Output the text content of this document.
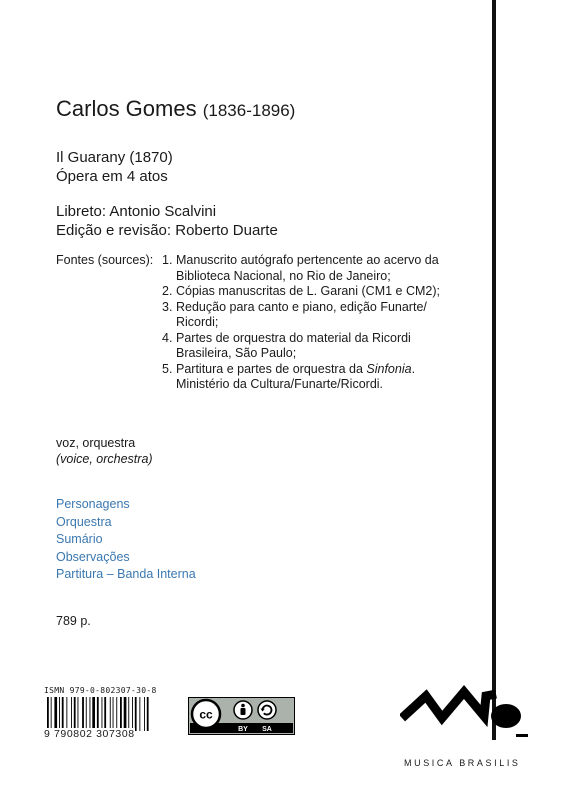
Carlos Gomes (1836-1896)
Il Guarany (1870)
Ópera em 4 atos
Libreto: Antonio Scalvini
Edição e revisão: Roberto Duarte
Fontes (sources): 1. Manuscrito autógrafo pertencente ao acervo da
Biblioteca Nacional, no Rio de Janeiro;
2. Cópias manuscritas de L. Garani (CM1 e CM2);
3. Redução para canto e piano, edição Funarte/
Ricordi;
4. Partes de orquestra do material da Ricordi
Brasileira, São Paulo;
5. Partitura e partes de orquestra da Sinfonia.
Ministério da Cultura/Funarte/Ricordi.
voz, orquestra
(voice, orchestra)
Personagens
Orquestra
Sumário
Observações
Partitura – Banda Interna
789 p.
ISMN 979-0-802307-30-8
9 790802 307308
cc
BY SA
MUSICA BRASILIS
